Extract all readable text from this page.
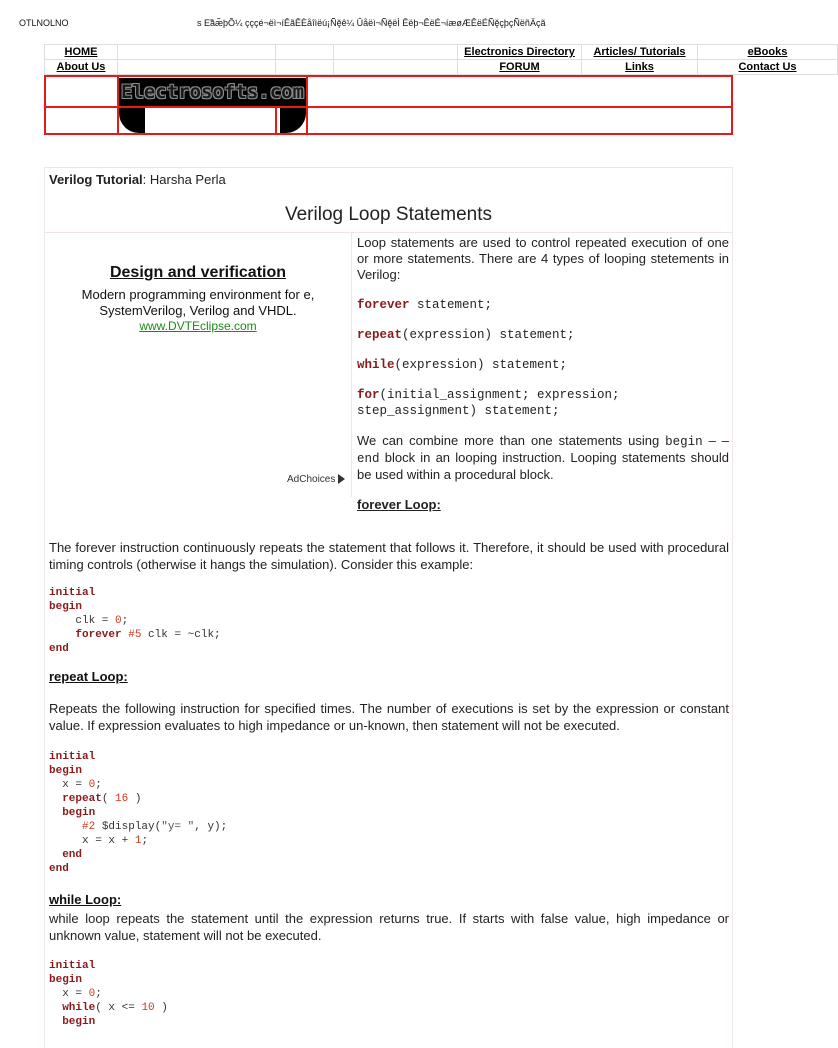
OTLNOLNO	s Ε̃ãæ̃þÕ¼ çççé¬ëì¬íÊãÊÈåîìëú¡Ñ̃ḝê¼ Ûåëì¬Ñ̃ḝëÌ Êëþ¬ÊëÉ¬íæøÆÊëÉÑ̃ḝçþçÑ̃ëñÄçã
HOME				Electronics Directory	Articles/ Tutorials	eBooks
About Us				FORUM	Links	Contact Us

	Electrosofts.com		

Verilog Tutorial: Harsha Perla
Verilog Loop Statements
Design and verification
Modern programming environment for e, SystemVerilog, Verilog and VHDL.
www.DVTEclipse.com
AdChoices

Loop statements are used to control repeated execution of one or more statements. There are 4 types of looping stetements in Verilog:

forever statement;

repeat(expression) statement;

while(expression) statement;

for(initial_assignment; expression; step_assignment) statement;

We can combine more than one statements using begin – – end block in an looping instruction. Looping statements should be used within a procedural block.

forever Loop:

The forever instruction continuously repeats the statement that follows it. Therefore, it should be used with procedural timing controls (otherwise it hangs the simulation). Consider this example:
initial
begin
clk = 0;
forever #5 clk = ~clk;
end
repeat Loop:
Repeats the following instruction for specified times. The number of executions is set by the expression or constant value. If expression evaluates to high impedance or un-known, then statement will not be executed.
initial
begin
x = 0;
repeat( 16 )
begin
#2 $display("y= ", y);
x = x + 1;
end
end
while Loop:
while loop repeats the statement until the expression returns true. If starts with false value, high impedance or unknown value, statement will not be executed.
initial
begin
x = 0;
while( x <= 10 )
begin
